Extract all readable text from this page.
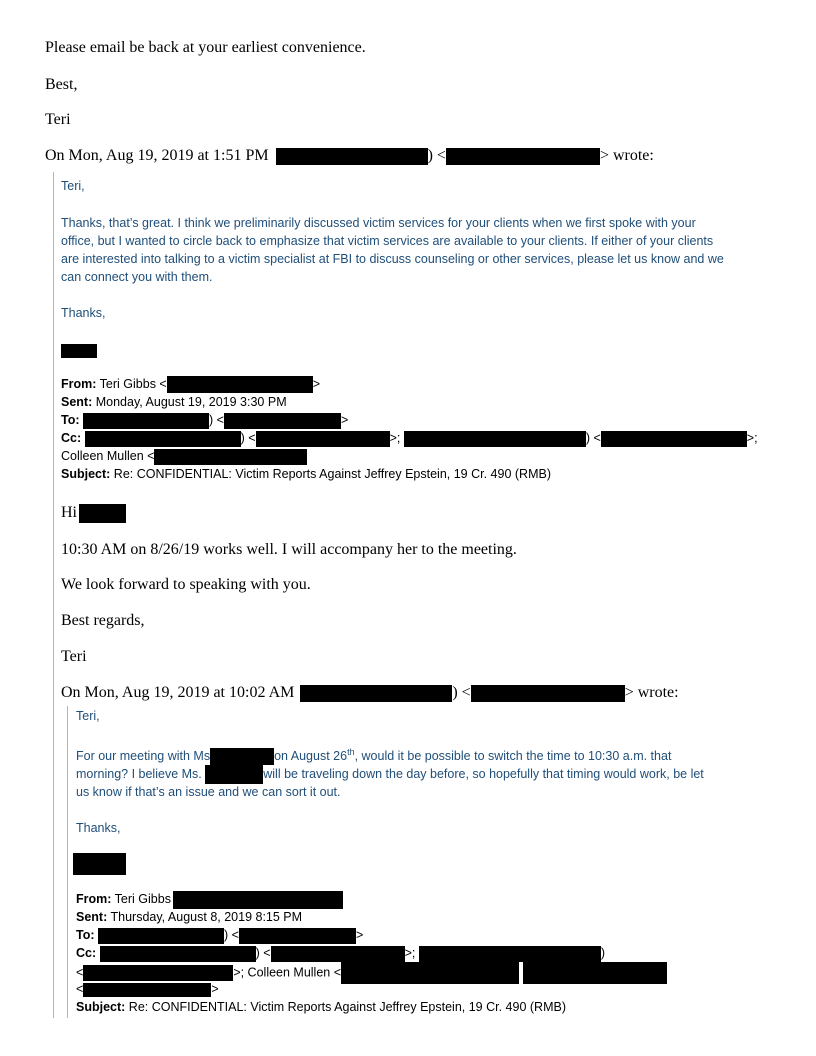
Please email be back at your earliest convenience.
Best,
Teri
On Mon, Aug 19, 2019 at 1:51 PM	) <	> wrote:
Teri,
Thanks, that’s great. I think we preliminarily discussed victim services for your clients when we first spoke with your
office, but I wanted to circle back to emphasize that victim services are available to your clients. If either of your clients
are interested into talking to a victim specialist at FBI to discuss counseling or other services, please let us know and we
can connect you with them.
Thanks,
From: Teri Gibbs <	>
Sent: Monday, August 19, 2019 3:30 PM
To:	) <	>
Cc:	) <	>;	) <	>;
Colleen Mullen <
Subject: Re: CONFIDENTIAL: Victim Reports Against Jeffrey Epstein, 19 Cr. 490 (RMB)
Hi
10:30 AM on 8/26/19 works well. I will accompany her to the meeting.
We look forward to speaking with you.
Best regards,
Teri
On Mon, Aug 19, 2019 at 10:02 AM	) <	> wrote:
Teri,
For our meeting with Ms	on August 26th, would it be possible to switch the time to 10:30 a.m. that
morning? I believe Ms.	will be traveling down the day before, so hopefully that timing would work, be let
us know if that’s an issue and we can sort it out.
Thanks,
From: Teri Gibbs
Sent: Thursday, August 8, 2019 8:15 PM
To:	) <	>
Cc:	) <	>;	)
<	>; Colleen Mullen <
<	>
Subject: Re: CONFIDENTIAL: Victim Reports Against Jeffrey Epstein, 19 Cr. 490 (RMB)
